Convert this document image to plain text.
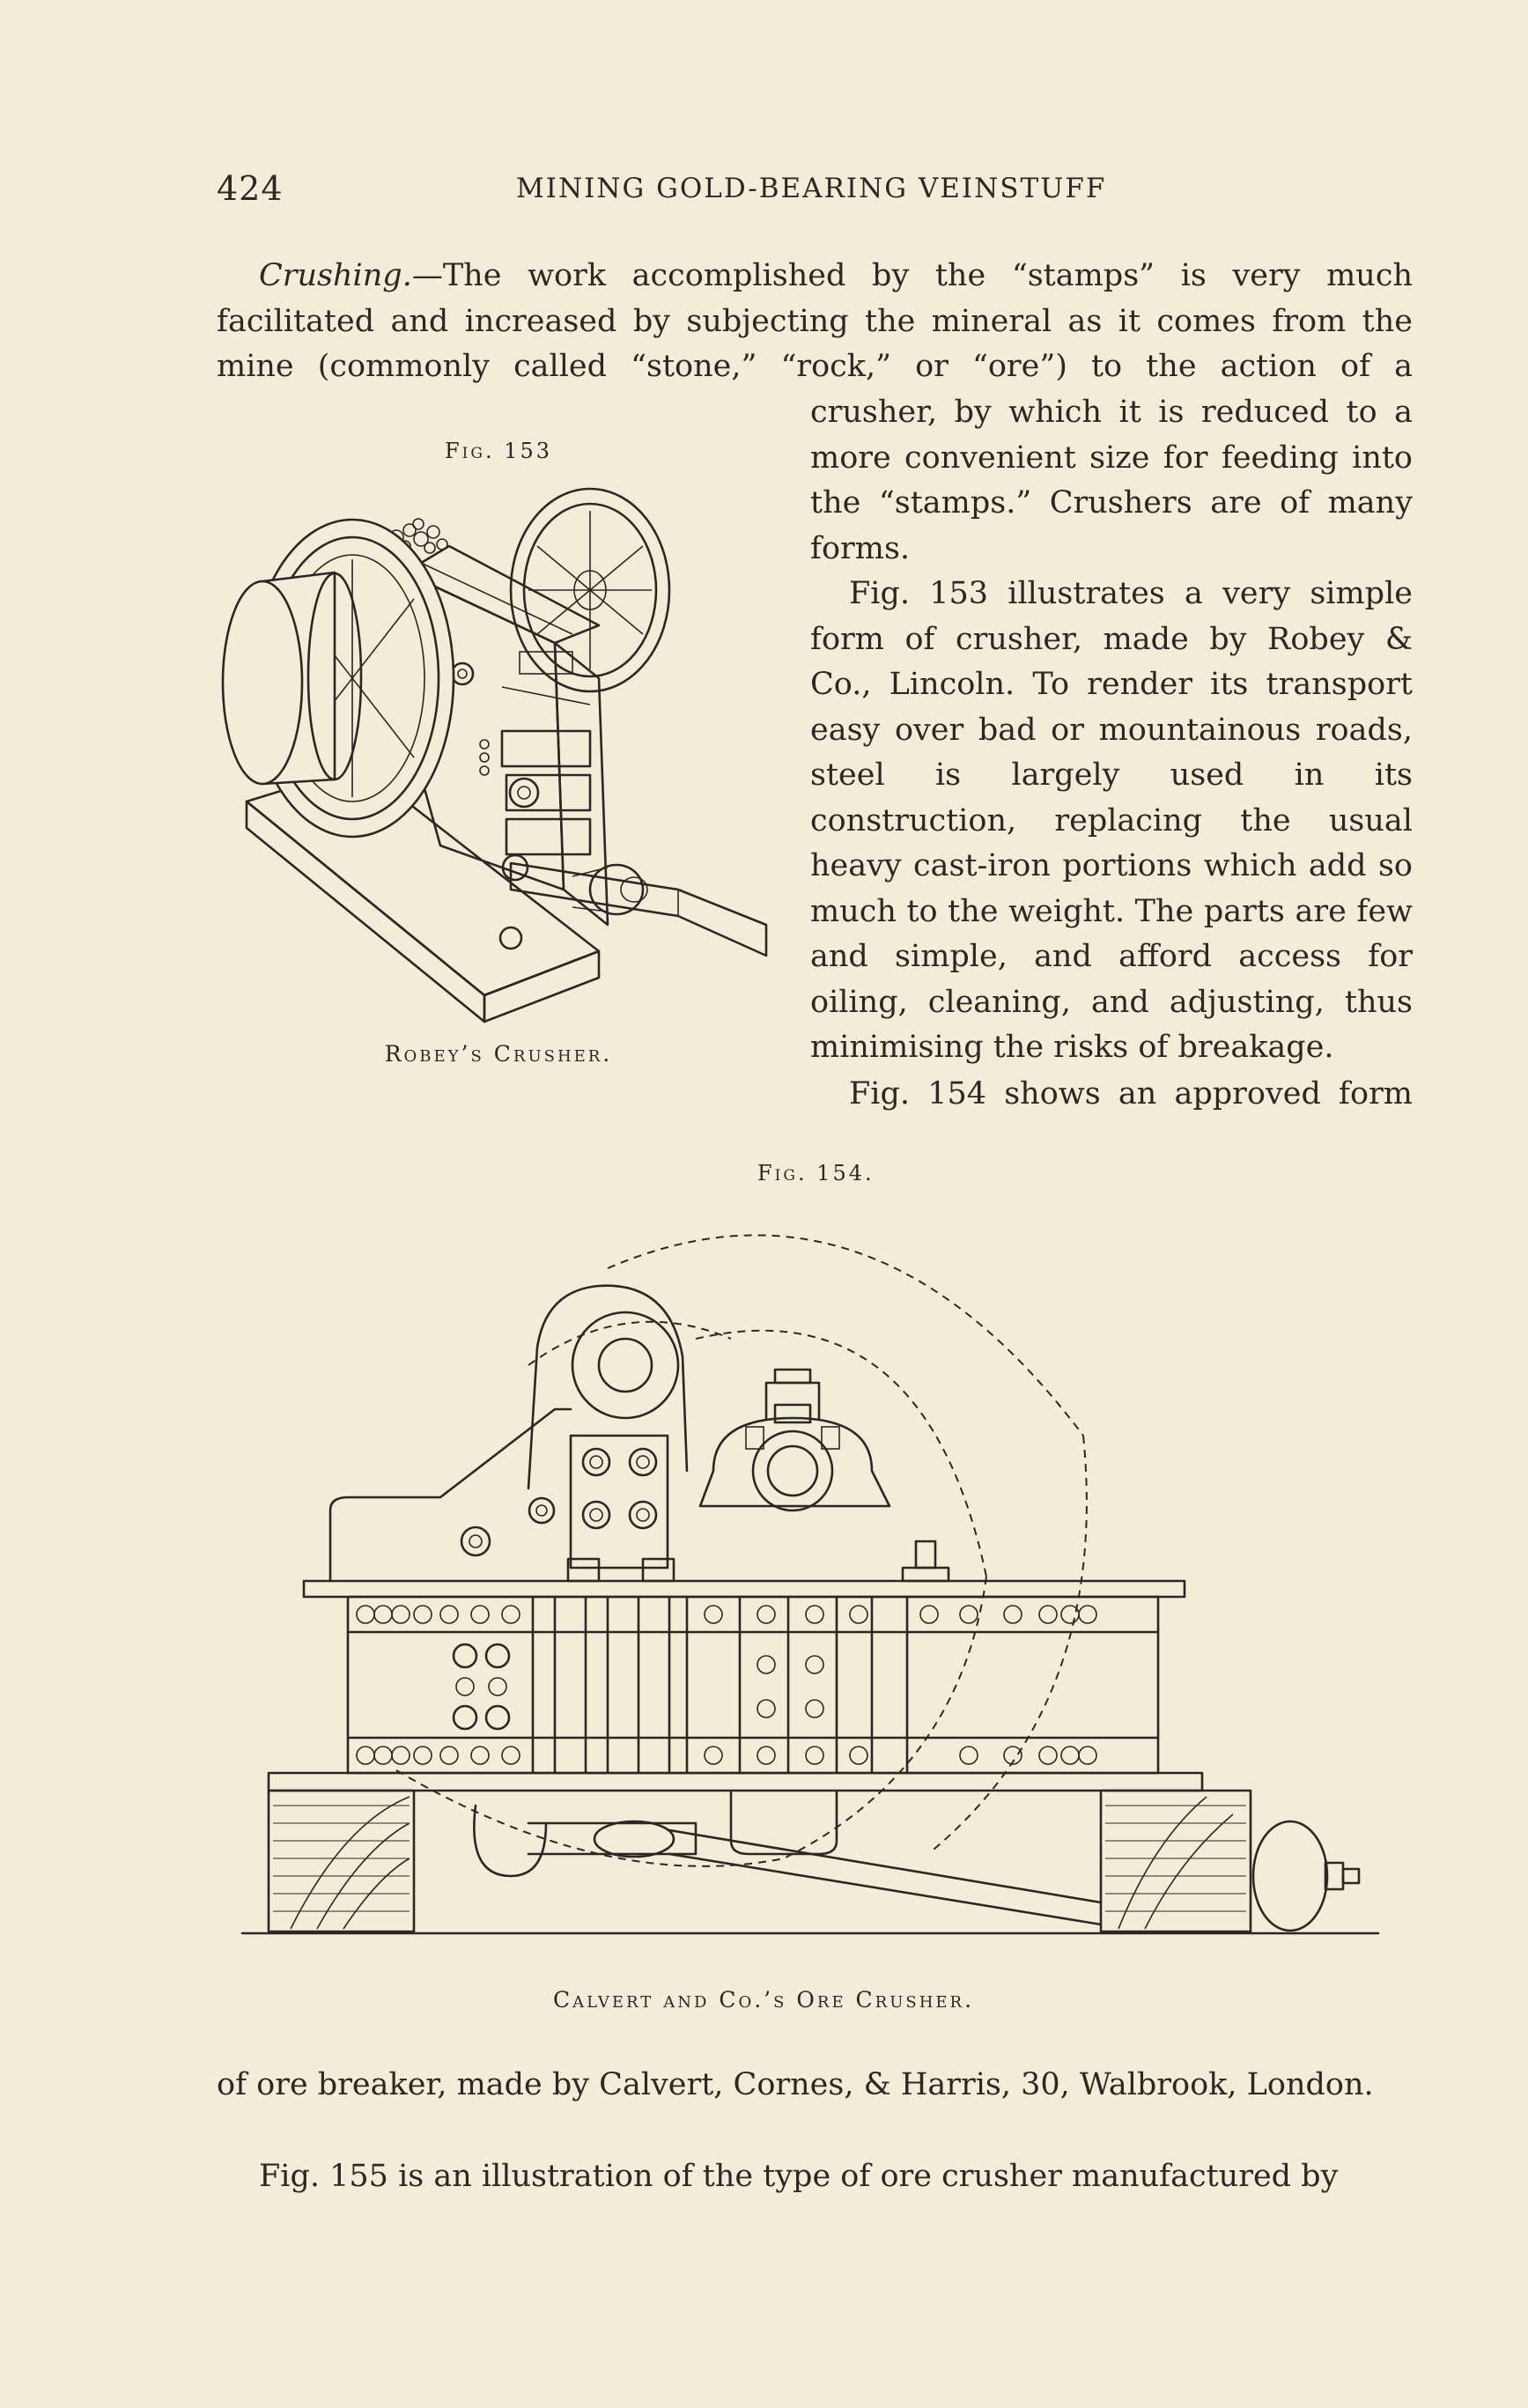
424	MINING GOLD-BEARING VEINSTUFF

Crushing.—The work accomplished by the “stamps” is very much

facilitated and increased by subjecting the mineral as it comes from the

mine (commonly called “stone,” “rock,” or “ore”) to the action of a

crusher, by which it is reduced to a more convenient size for feeding into the “stamps.” Crushers are of many forms.

Fig. 153 illustrates a very simple form of crusher, made by Robey & Co., Lincoln. To render its transport easy over bad or mountainous roads, steel is largely used in its construction, replacing the usual heavy cast-iron portions which add so much to the weight. The parts are few and simple, and afford access for oiling, cleaning, and adjusting, thus minimising the risks of breakage.

Fig. 154 shows an approved form

Fig. 153
Robey’s Crusher.
Fig. 154.
Calvert and Co.’s Ore Crusher.

of ore breaker, made by Calvert, Cornes, & Harris, 30, Walbrook, London.

Fig. 155 is an illustration of the type of ore crusher manufactured by
